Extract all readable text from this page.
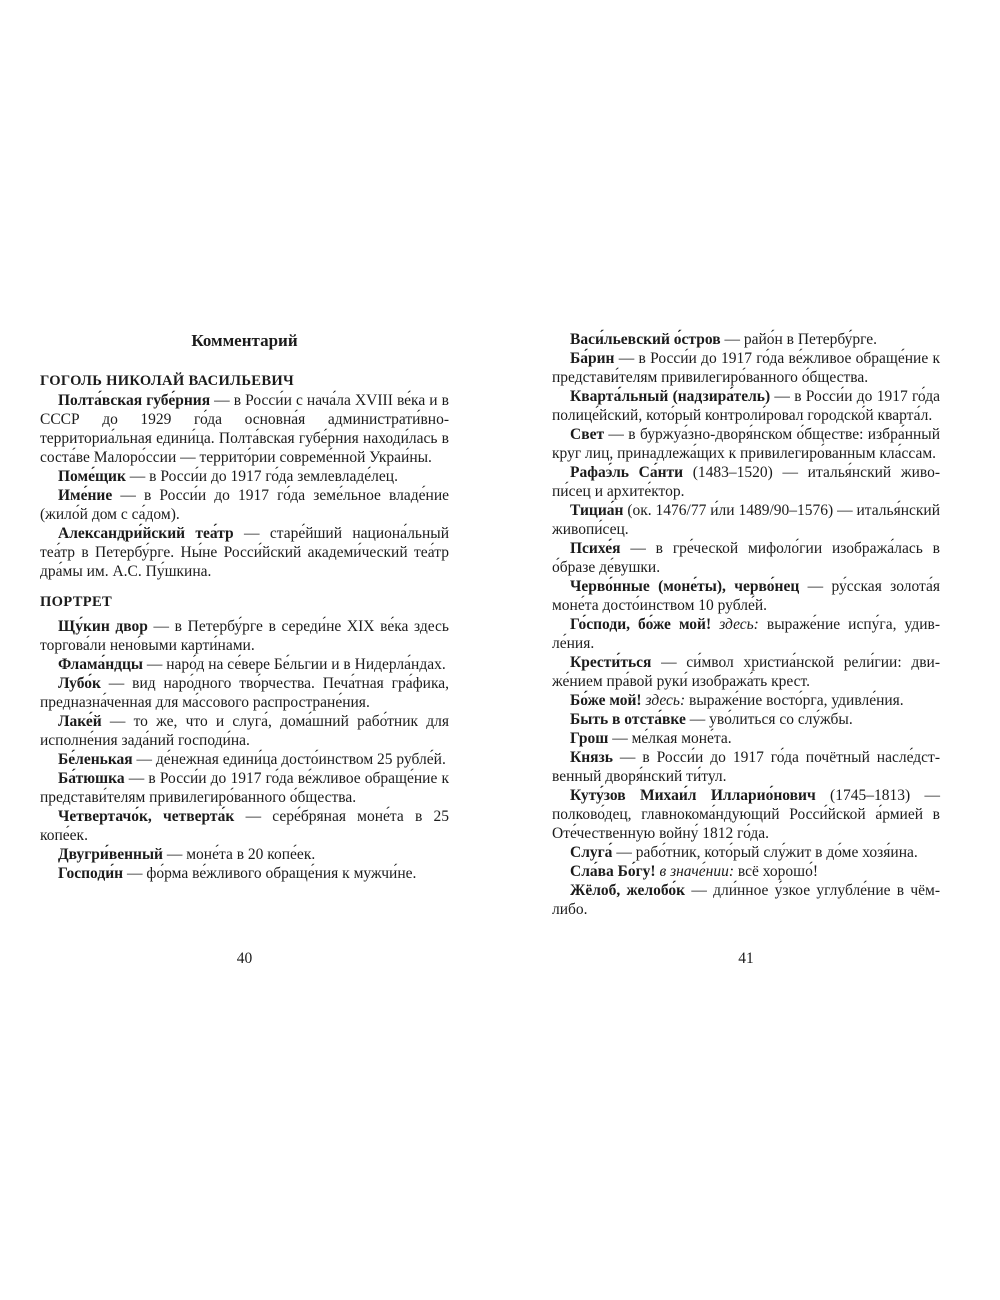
Комментарий
ГОГОЛЬ НИКОЛАЙ ВАСИЛЬЕВИЧ

Полта́вская губе́рния — в Росси́и с нача́ла XVIII ве́ка и в СССР до 1929 го́да основна́я администрати́вно-территориа́льная едини́ца. Полта́вская губе́рния находи́лась в соста́ве Малоро́ссии — террито́рии совреме́нной Украи́ны.

Поме́щик — в Росси́и до 1917 го́да землевладе́лец.

Име́ние — в Росси́и до 1917 го́да земе́льное владе́ние (жило́й дом с са́дом).

Александри́йский теа́тр — старе́йший национа́льный теа́тр в Петербу́рге. Ны́не Росси́йский академи́ческий теа́тр дра́мы им. А.С. Пу́шкина.

ПОРТРЕТ

Щу́кин двор — в Петербу́рге в середи́не XIX ве́ка здесь торгова́ли нено́выми карти́нами.

Флама́ндцы — наро́д на се́вере Бе́льгии и в Нидерла́ндах.

Лубо́к — вид наро́дного тво́рчества. Печа́тная гра́фика, предназна́ченная для ма́ссового распростране́ния.

Лаке́й — то же, что и слуга́, дома́шний рабо́тник для исполне́ния зада́ний господи́на.

Бе́ленькая — де́нежная едини́ца досто́инством 25 рубле́й.

Ба́тюшка — в Росси́и до 1917 го́да ве́жливое обраще́ние к представи́телям привилегиро́ванного о́бщества.

Четвертачо́к, четверта́к — сере́бряная моне́та в 25 копе́ек.

Двугри́венный — моне́та в 20 копе́ек.

Господи́н — фо́рма ве́жливого обраще́ния к мужчи́не.

Васи́льевский о́стров — райо́н в Петербу́рге.

Ба́рин — в Росси́и до 1917 го́да ве́жливое обраще́ние к представи́телям привилегиро́ванного о́бщества.

Кварта́льный (надзира́тель) — в Росси́и до 1917 го́да полице́йский, кото́рый контроли́ровал городско́й кварта́л.

Свет — в буржуа́зно-дворя́нском о́бществе: избра́нный круг лиц, принадлежа́щих к привилегиро́ванным кла́ссам.

Рафаэ́ль Са́нти (1483–1520) — италья́нский живопи́сец и архите́ктор.

Тициа́н (ок. 1476/77 и́ли 1489/90–1576) — италья́нский живопи́сец.

Психе́я — в гре́ческой мифоло́гии изобража́лась в о́бразе де́вушки.

Черво́нные (моне́ты), черво́нец — ру́сская золота́я моне́та досто́инством 10 рубле́й.

Го́споди, бо́же мой! здесь: выраже́ние испу́га, удивле́ния.

Крести́ться — си́мвол христиа́нской рели́гии: движе́нием пра́вой руки́ изобража́ть крест.

Бо́же мой! здесь: выраже́ние восто́рга, удивле́ния.

Быть в отста́вке — уво́литься со слу́жбы.

Грош — ме́лкая моне́та.

Князь — в Росси́и до 1917 го́да почётный насле́дственный дворя́нский ти́тул.

Куту́зов Михаи́л Илларио́нович (1745–1813) — полково́дец, главнокома́ндующий Росси́йской а́рмией в Оте́чественную войну́ 1812 го́да.

Слуга́ — рабо́тник, кото́рый слу́жит в до́ме хозя́ина.

Сла́ва Бо́гу! в значе́нии: всё хорошо́!

Жёлоб, желобо́к — дли́нное у́зкое углубле́ние в чём-либо.

40	41
